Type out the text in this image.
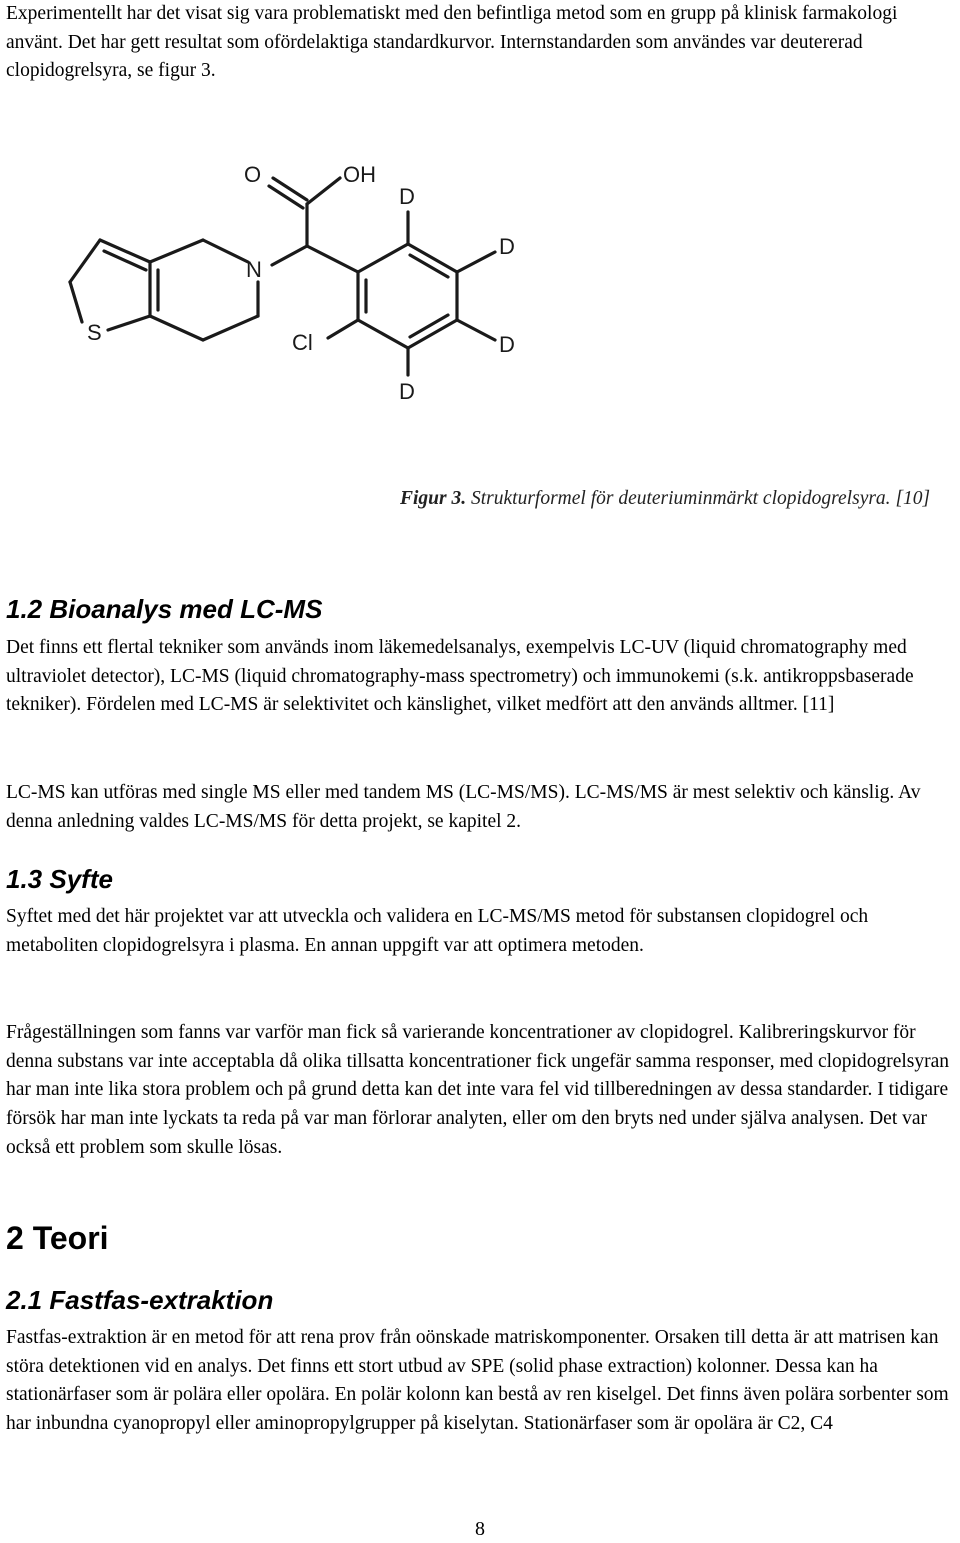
Experimentellt har det visat sig vara problematiskt med den befintliga metod som en grupp på klinisk farmakologi använt. Det har gett resultat som ofördelaktiga standardkurvor. Internstandarden som användes var deutererad clopidogrelsyra, se figur 3.

O	OH
N
S	Cl
D
D
D
D
Figur 3. Strukturformel för deuteriuminmärkt clopidogrelsyra. [10]
1.2 Bioanalys med LC-MS

Det finns ett flertal tekniker som används inom läkemedelsanalys, exempelvis LC-UV (liquid chromatography med ultraviolet detector), LC-MS (liquid chromatography-mass spectrometry) och immunokemi (s.k. antikroppsbaserade tekniker). Fördelen med LC-MS är selektivitet och känslighet, vilket medfört att den används alltmer. [11]

LC-MS kan utföras med single MS eller med tandem MS (LC-MS/MS). LC-MS/MS är mest selektiv och känslig. Av denna anledning valdes LC-MS/MS för detta projekt, se kapitel 2.

1.3 Syfte

Syftet med det här projektet var att utveckla och validera en LC-MS/MS metod för substansen clopidogrel och metaboliten clopidogrelsyra i plasma. En annan uppgift var att optimera metoden.

Frågeställningen som fanns var varför man fick så varierande koncentrationer av clopidogrel. Kalibreringskurvor för denna substans var inte acceptabla då olika tillsatta koncentrationer fick ungefär samma responser, med clopidogrelsyran har man inte lika stora problem och på grund detta kan det inte vara fel vid tillberedningen av dessa standarder. I tidigare försök har man inte lyckats ta reda på var man förlorar analyten, eller om den bryts ned under själva analysen. Det var också ett problem som skulle lösas.

2 Teori
2.1 Fastfas-extraktion

Fastfas-extraktion är en metod för att rena prov från oönskade matriskomponenter. Orsaken till detta är att matrisen kan störa detektionen vid en analys. Det finns ett stort utbud av SPE (solid phase extraction) kolonner. Dessa kan ha stationärfaser som är polära eller opolära. En polär kolonn kan bestå av ren kiselgel. Det finns även polära sorbenter som har inbundna cyanopropyl eller aminopropylgrupper på kiselytan. Stationärfaser som är opolära är C2, C4

8
